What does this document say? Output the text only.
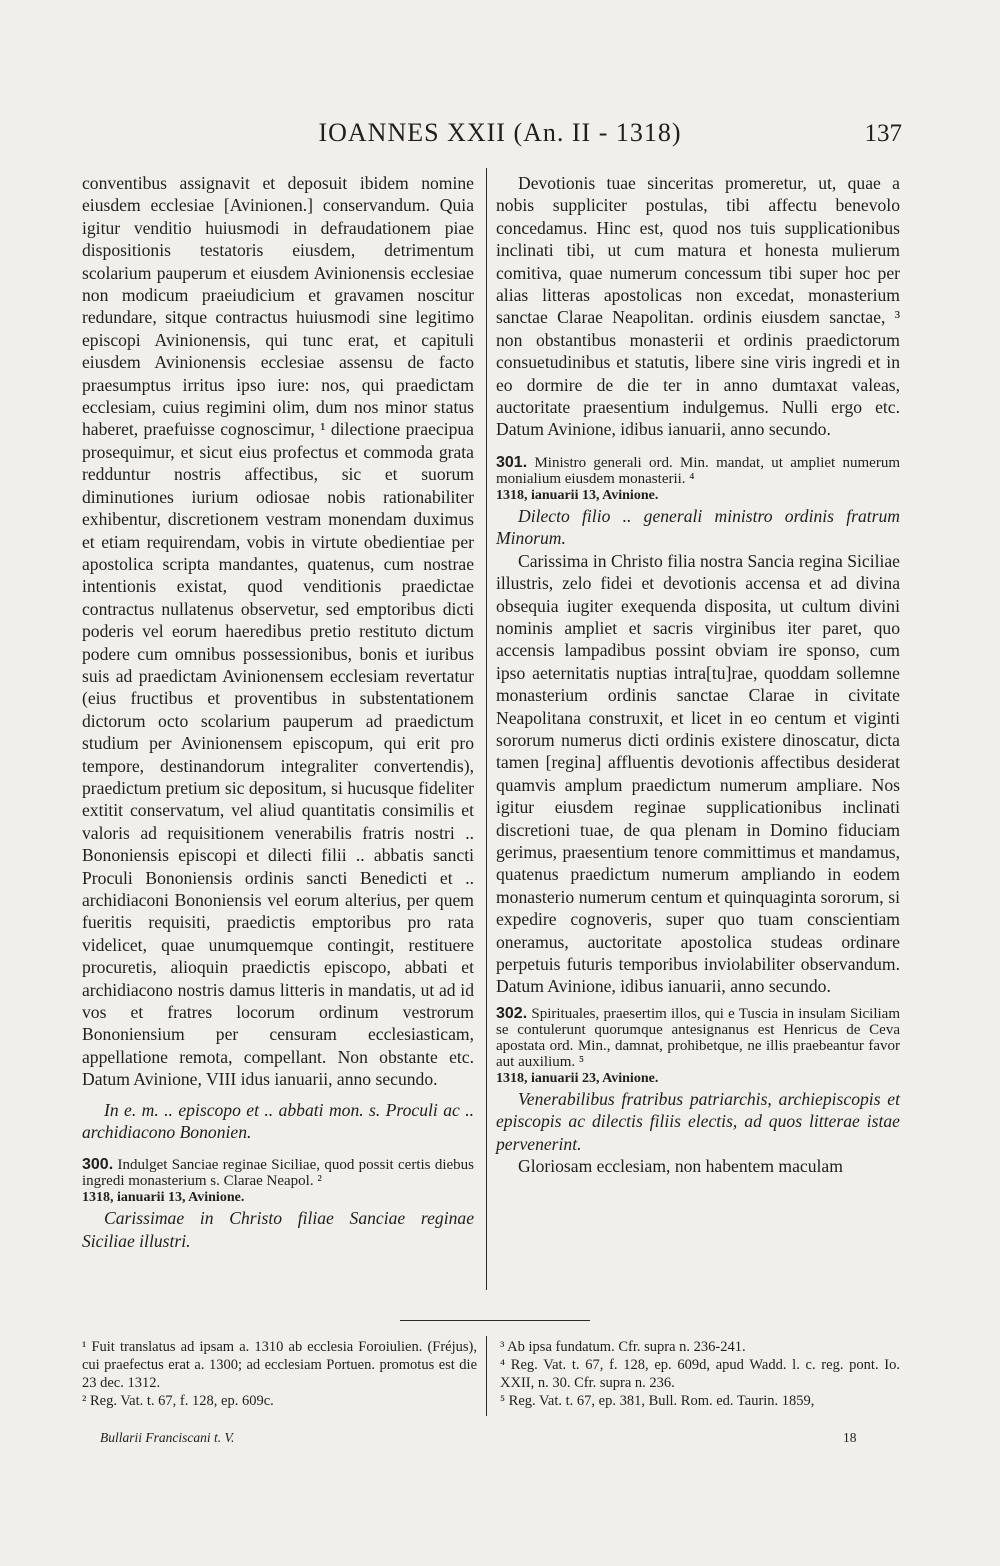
IOANNES XXII (An. II - 1318)	137

conventibus assignavit et deposuit ibidem nomine eiusdem ecclesiae [Avinionen.] conservandum. Quia igitur venditio huiusmodi in defraudationem piae dispositionis testatoris eiusdem, detrimentum scolarium pauperum et eiusdem Avinionensis ecclesiae non modicum praeiudicium et gravamen noscitur redundare, sitque contractus huiusmodi sine legitimo episcopi Avinionensis, qui tunc erat, et capituli eiusdem Avinionensis ecclesiae assensu de facto praesumptus irritus ipso iure: nos, qui praedictam ecclesiam, cuius regimini olim, dum nos minor status haberet, praefuisse cognoscimur, ¹ dilectione praecipua prosequimur, et sicut eius profectus et commoda grata redduntur nostris affectibus, sic et suorum diminutiones iurium odiosae nobis rationabiliter exhibentur, discretionem vestram monendam duximus et etiam requirendam, vobis in virtute obedientiae per apostolica scripta mandantes, quatenus, cum nostrae intentionis existat, quod venditionis praedictae contractus nullatenus observetur, sed emptoribus dicti poderis vel eorum haeredibus pretio restituto dictum podere cum omnibus possessionibus, bonis et iuribus suis ad praedictam Avinionensem ecclesiam revertatur (eius fructibus et proventibus in substentationem dictorum octo scolarium pauperum ad praedictum studium per Avinionensem episcopum, qui erit pro tempore, destinandorum integraliter convertendis), praedictum pretium sic depositum, si hucusque fideliter extitit conservatum, vel aliud quantitatis consimilis et valoris ad requisitionem venerabilis fratris nostri .. Bononiensis episcopi et dilecti filii .. abbatis sancti Proculi Bononiensis ordinis sancti Benedicti et .. archidiaconi Bononiensis vel eorum alterius, per quem fueritis requisiti, praedictis emptoribus pro rata videlicet, quae unumquemque contingit, restituere procuretis, alioquin praedictis episcopo, abbati et archidiacono nostris damus litteris in mandatis, ut ad id vos et fratres locorum ordinum vestrorum Bononiensium per censuram ecclesiasticam, appellatione remota, compellant. Non obstante etc. Datum Avinione, VIII idus ianuarii, anno secundo.

In e. m. .. episcopo et .. abbati mon. s. Proculi ac .. archidiacono Bononien.

300. Indulget Sanciae reginae Siciliae, quod possit certis diebus ingredi monasterium s. Clarae Neapol. ²

1318, ianuarii 13, Avinione.

Carissimae in Christo filiae Sanciae reginae Siciliae illustri.

Devotionis tuae sinceritas promeretur, ut, quae a nobis suppliciter postulas, tibi affectu benevolo concedamus. Hinc est, quod nos tuis supplicationibus inclinati tibi, ut cum matura et honesta mulierum comitiva, quae numerum concessum tibi super hoc per alias litteras apostolicas non excedat, monasterium sanctae Clarae Neapolitan. ordinis eiusdem sanctae, ³ non obstantibus monasterii et ordinis praedictorum consuetudinibus et statutis, libere sine viris ingredi et in eo dormire de die ter in anno dumtaxat valeas, auctoritate praesentium indulgemus. Nulli ergo etc. Datum Avinione, idibus ianuarii, anno secundo.

301. Ministro generali ord. Min. mandat, ut ampliet numerum monialium eiusdem monasterii. ⁴

1318, ianuarii 13, Avinione.

Dilecto filio .. generali ministro ordinis fratrum Minorum.

Carissima in Christo filia nostra Sancia regina Siciliae illustris, zelo fidei et devotionis accensa et ad divina obsequia iugiter exequenda disposita, ut cultum divini nominis ampliet et sacris virginibus iter paret, quo accensis lampadibus possint obviam ire sponso, cum ipso aeternitatis nuptias intra[tu]rae, quoddam sollemne monasterium ordinis sanctae Clarae in civitate Neapolitana construxit, et licet in eo centum et viginti sororum numerus dicti ordinis existere dinoscatur, dicta tamen [regina] affluentis devotionis affectibus desiderat quamvis amplum praedictum numerum ampliare. Nos igitur eiusdem reginae supplicationibus inclinati discretioni tuae, de qua plenam in Domino fiduciam gerimus, praesentium tenore committimus et mandamus, quatenus praedictum numerum ampliando in eodem monasterio numerum centum et quinquaginta sororum, si expedire cognoveris, super quo tuam conscientiam oneramus, auctoritate apostolica studeas ordinare perpetuis futuris temporibus inviolabiliter observandum. Datum Avinione, idibus ianuarii, anno secundo.

302. Spirituales, praesertim illos, qui e Tuscia in insulam Siciliam se contulerunt quorumque antesignanus est Henricus de Ceva apostata ord. Min., damnat, prohibetque, ne illis praebeantur favor aut auxilium. ⁵

1318, ianuarii 23, Avinione.

Venerabilibus fratribus patriarchis, archiepiscopis et episcopis ac dilectis filiis electis, ad quos litterae istae pervenerint.

Gloriosam ecclesiam, non habentem maculam

¹ Fuit translatus ad ipsam a. 1310 ab ecclesia Foroiulien. (Fréjus), cui praefectus erat a. 1300; ad ecclesiam Portuen. promotus est die 23 dec. 1312.

² Reg. Vat. t. 67, f. 128, ep. 609c.

³ Ab ipsa fundatum. Cfr. supra n. 236-241.

⁴ Reg. Vat. t. 67, f. 128, ep. 609d, apud Wadd. l. c. reg. pont. Io. XXII, n. 30. Cfr. supra n. 236.

⁵ Reg. Vat. t. 67, ep. 381, Bull. Rom. ed. Taurin. 1859,

Bullarii Franciscani t. V.	18
